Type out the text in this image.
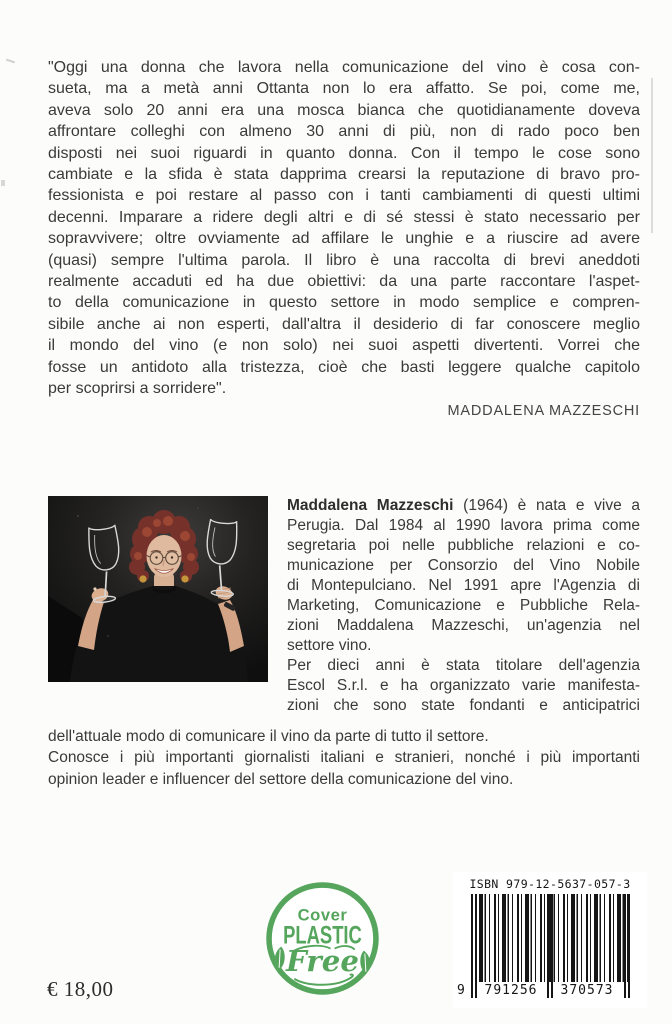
"Oggi una donna che lavora nella comunicazione del vino è cosa con-
sueta, ma a metà anni Ottanta non lo era affatto. Se poi, come me,
aveva solo 20 anni era una mosca bianca che quotidianamente doveva
affrontare colleghi con almeno 30 anni di più, non di rado poco ben
disposti nei suoi riguardi in quanto donna. Con il tempo le cose sono
cambiate e la sfida è stata dapprima crearsi la reputazione di bravo pro-
fessionista e poi restare al passo con i tanti cambiamenti di questi ultimi
decenni. Imparare a ridere degli altri e di sé stessi è stato necessario per
sopravvivere; oltre ovviamente ad affilare le unghie e a riuscire ad avere
(quasi) sempre l'ultima parola. Il libro è una raccolta di brevi aneddoti
realmente accaduti ed ha due obiettivi: da una parte raccontare l'aspet-
to della comunicazione in questo settore in modo semplice e compren-
sibile anche ai non esperti, dall'altra il desiderio di far conoscere meglio
il mondo del vino (e non solo) nei suoi aspetti divertenti. Vorrei che
fosse un antidoto alla tristezza, cioè che basti leggere qualche capitolo
per scoprirsi a sorridere".
MADDALENA MAZZESCHI
Maddalena Mazzeschi (1964) è nata e vive a
Perugia. Dal 1984 al 1990 lavora prima come
segretaria poi nelle pubbliche relazioni e co-
municazione per Consorzio del Vino Nobile
di Montepulciano. Nel 1991 apre l'Agenzia di
Marketing, Comunicazione e Pubbliche Rela-
zioni Maddalena Mazzeschi, un'agenzia nel
settore vino.
Per dieci anni è stata titolare dell'agenzia
Escol S.r.l. e ha organizzato varie manifesta-
zioni che sono state fondanti e anticipatrici
dell'attuale modo di comunicare il vino da parte di tutto il settore.
Conosce i più importanti giornalisti italiani e stranieri, nonché i più importanti
opinion leader e influencer del settore della comunicazione del vino.
Cover
PLASTIC
Free
ISBN 979-12-5637-057-3
9	791256	370573
€ 18,00
